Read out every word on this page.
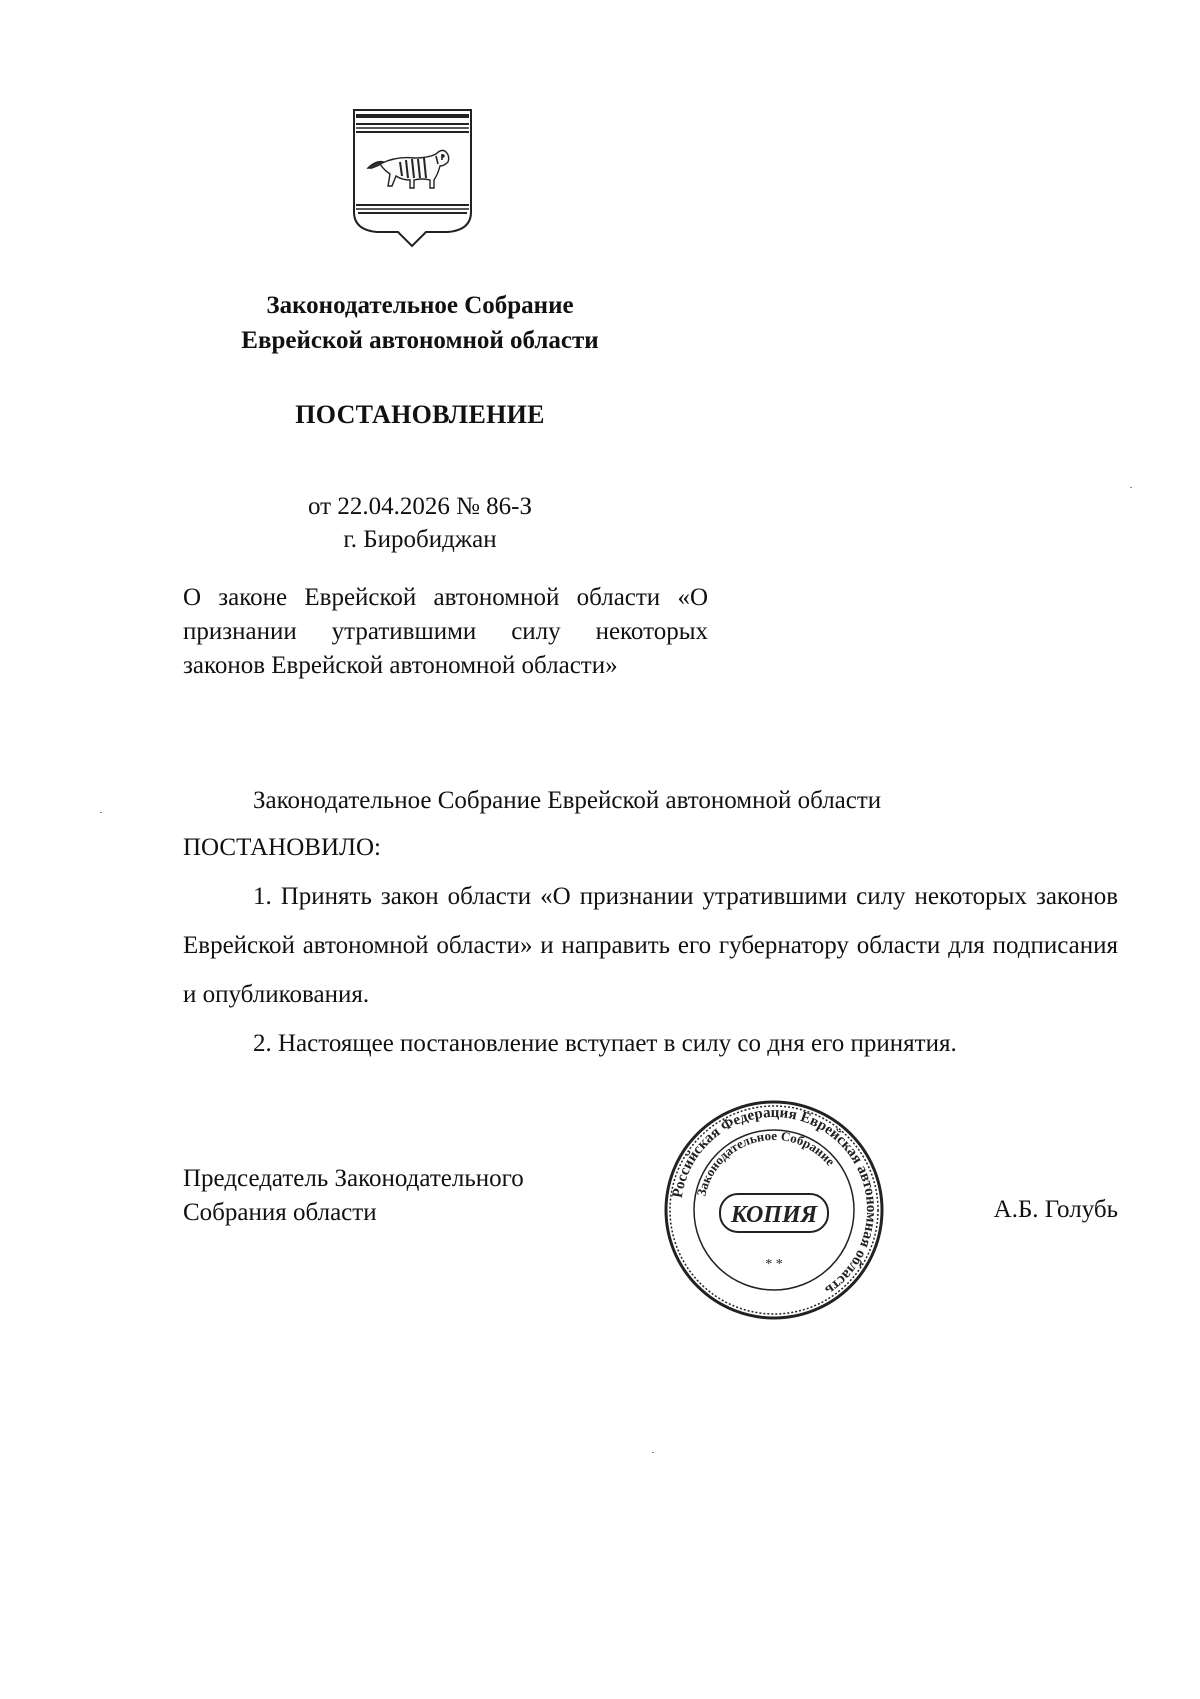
Законодательное Собрание
Еврейской автономной области
ПОСТАНОВЛЕНИЕ
от 22.04.2026 № 86-З
г. Биробиджан
О законе Еврейской автономной области «О признании утратившими силу некоторых законов Еврейской автономной области»

Законодательное Собрание Еврейской автономной области

ПОСТАНОВИЛО:

1. Принять закон области «О признании утратившими силу некоторых законов Еврейской автономной области» и направить его губернатору области для подписания и опубликования.

2. Настоящее постановление вступает в силу со дня его принятия.

Председатель Законодательного
Собрания области
Российская Федерация Еврейская автономная область
Законодательное Собрание
КОПИЯ
* *
А.Б. Голубь
